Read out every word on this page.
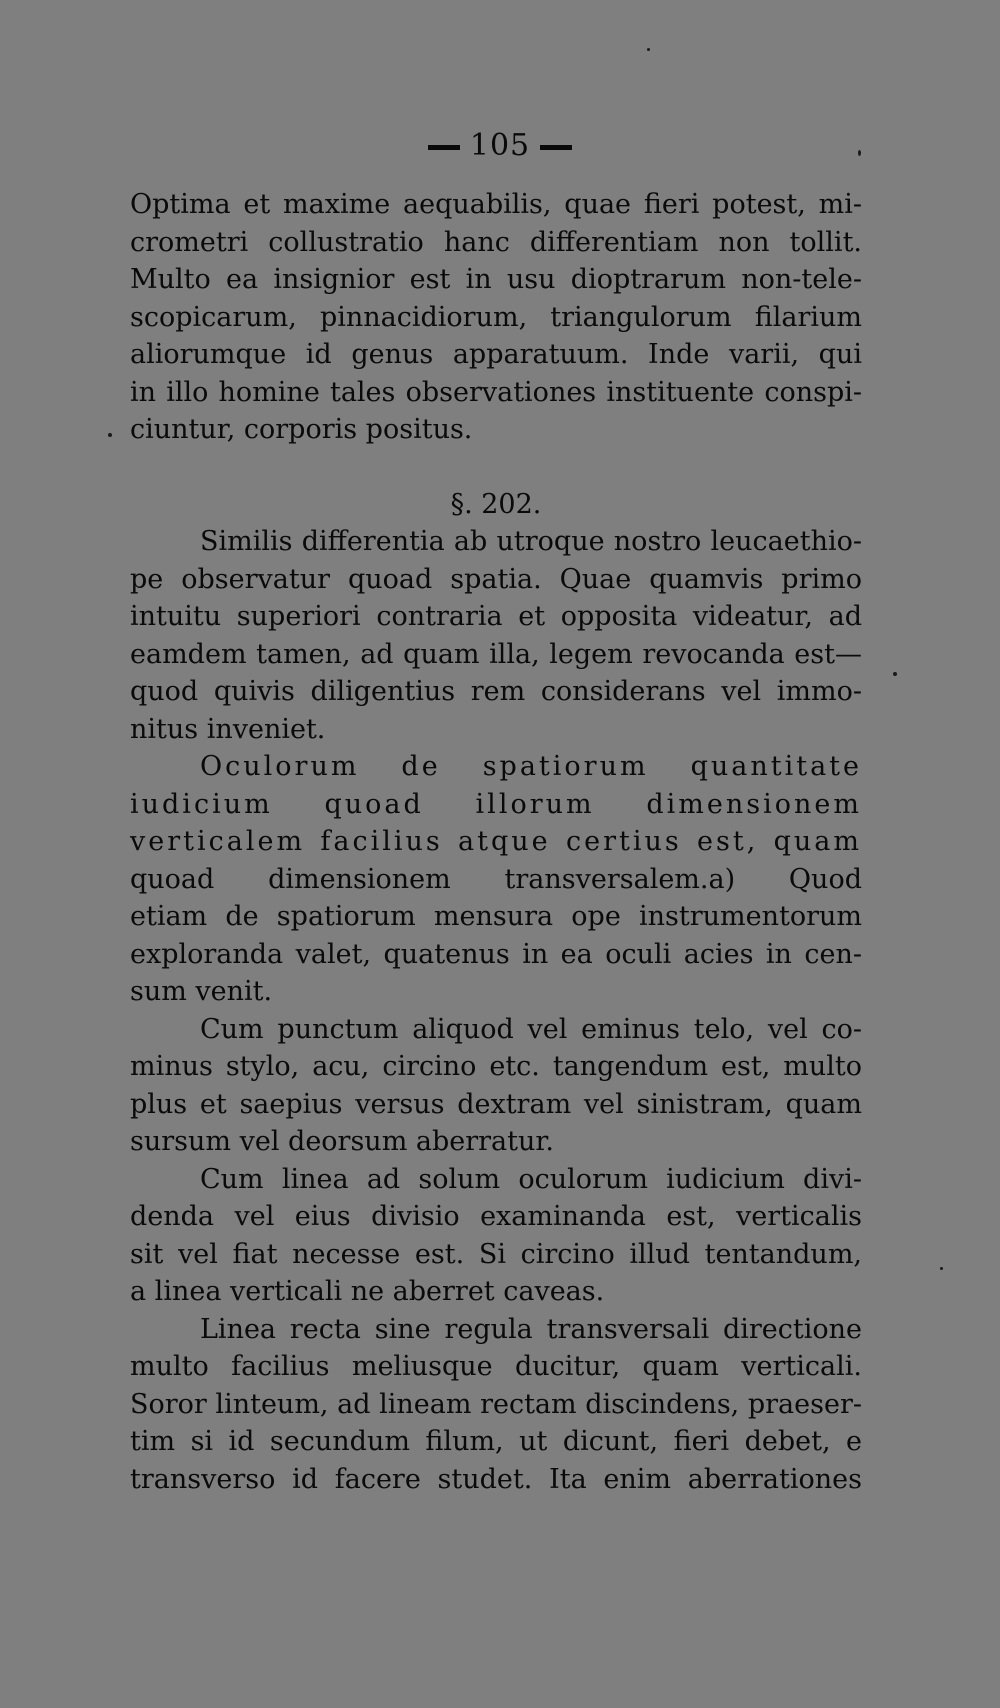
105
Optima et maxime aequabilis, quae fieri potest, mi-
crometri collustratio hanc differentiam non tollit.
Multo ea insignior est in usu dioptrarum non-tele-
scopicarum, pinnacidiorum, triangulorum filarium
aliorumque id genus apparatuum. Inde varii, qui
in illo homine tales observationes instituente conspi-
ciuntur, corporis positus.
§. 202.
Similis differentia ab utroque nostro leucaethio-
pe observatur quoad spatia. Quae quamvis primo
intuitu superiori contraria et opposita videatur, ad
eamdem tamen, ad quam illa, legem revocanda est—
quod quivis diligentius rem considerans vel immo-
nitus inveniet.
Oculorum de spatiorum quantitate
iudicium quoad illorum dimensionem
verticalem facilius atque certius est, quam
quoad dimensionem transversalem.a) Quod
etiam de spatiorum mensura ope instrumentorum
exploranda valet, quatenus in ea oculi acies in cen-
sum venit.
Cum punctum aliquod vel eminus telo, vel co-
minus stylo, acu, circino etc. tangendum est, multo
plus et saepius versus dextram vel sinistram, quam
sursum vel deorsum aberratur.
Cum linea ad solum oculorum iudicium divi-
denda vel eius divisio examinanda est, verticalis
sit vel fiat necesse est. Si circino illud tentandum,
a linea verticali ne aberret caveas.
Linea recta sine regula transversali directione
multo facilius meliusque ducitur, quam verticali.
Soror linteum, ad lineam rectam discindens, praeser-
tim si id secundum filum, ut dicunt, fieri debet, e
transverso id facere studet. Ita enim aberrationes
